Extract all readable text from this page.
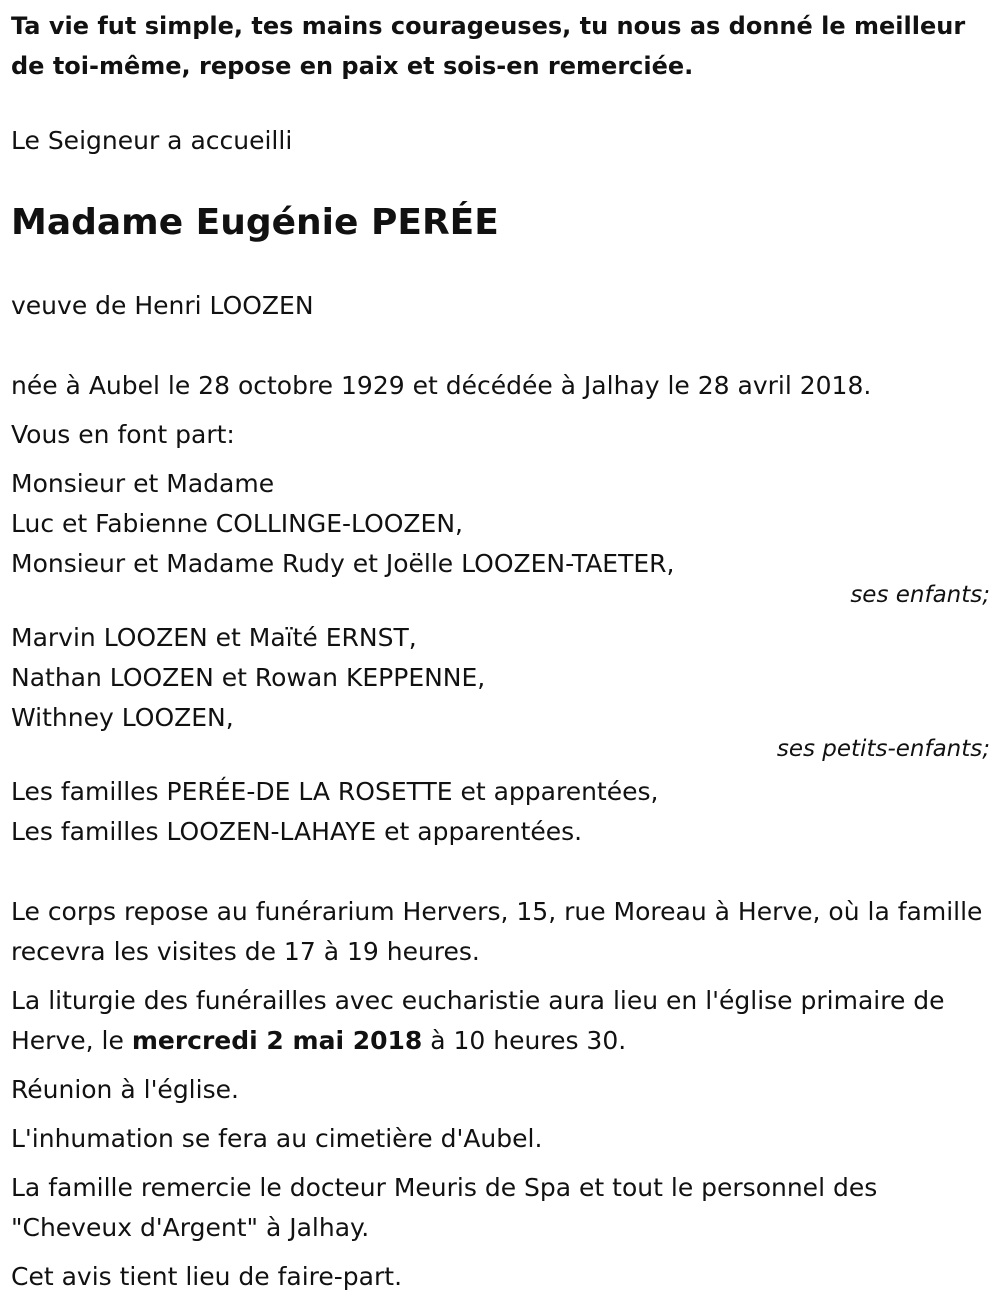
Ta vie fut simple, tes mains courageuses, tu nous as donné le meilleur de toi-même, repose en paix et sois-en remerciée.

Le Seigneur a accueilli

Madame Eugénie PERÉE

veuve de Henri LOOZEN

née à Aubel le 28 octobre 1929 et décédée à Jalhay le 28 avril 2018.

Vous en font part:

Monsieur et Madame
Luc et Fabienne COLLINGE-LOOZEN,
Monsieur et Madame Rudy et Joëlle LOOZEN-TAETER,
ses enfants;
Marvin LOOZEN et Maïté ERNST,
Nathan LOOZEN et Rowan KEPPENNE,
Withney LOOZEN,
ses petits-enfants;
Les familles PERÉE-DE LA ROSETTE et apparentées,
Les familles LOOZEN-LAHAYE et apparentées.

Le corps repose au funérarium Hervers, 15, rue Moreau à Herve, où la famille recevra les visites de 17 à 19 heures.

La liturgie des funérailles avec eucharistie aura lieu en l'église primaire de Herve, le mercredi 2 mai 2018 à 10 heures 30.

Réunion à l'église.

L'inhumation se fera au cimetière d'Aubel.

La famille remercie le docteur Meuris de Spa et tout le personnel des "Cheveux d'Argent" à Jalhay.

Cet avis tient lieu de faire-part.
